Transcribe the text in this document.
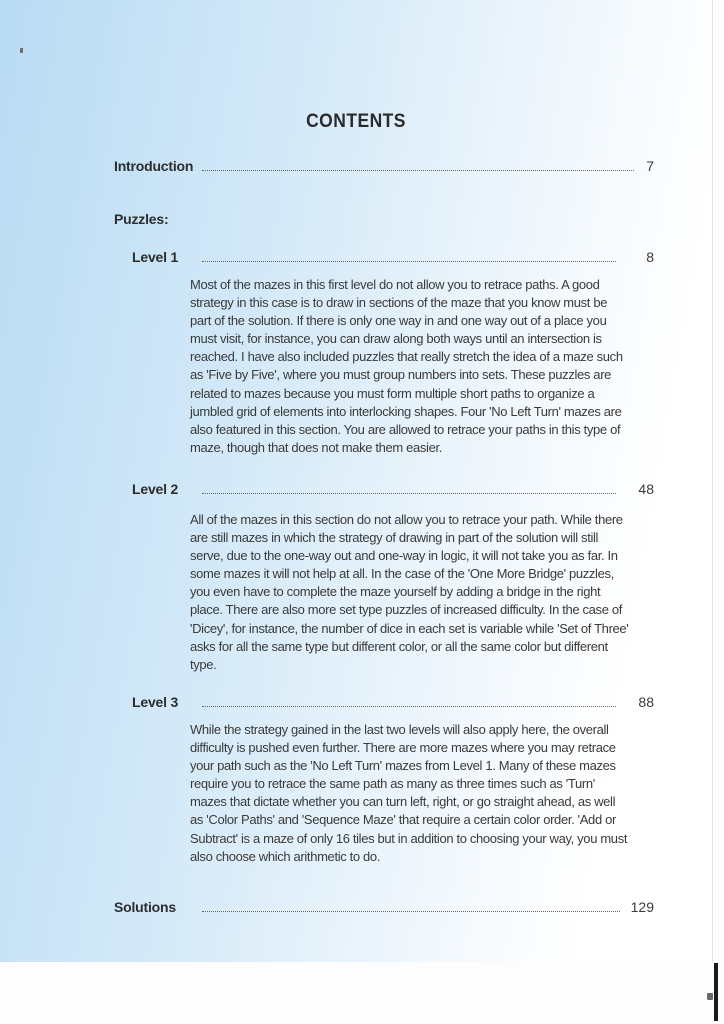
CONTENTS
Introduction	7
Puzzles:
Level 1	8

Most of the mazes in this first level do not allow you to retrace paths. A good strategy in this case is to draw in sections of the maze that you know must be part of the solution. If there is only one way in and one way out of a place you must visit, for instance, you can draw along both ways until an intersection is reached. I have also included puzzles that really stretch the idea of a maze such as 'Five by Five', where you must group numbers into sets. These puzzles are related to mazes because you must form multiple short paths to organize a jumbled grid of elements into interlocking shapes. Four 'No Left Turn' mazes are also featured in this section. You are allowed to retrace your paths in this type of maze, though that does not make them easier.

Level 2	48

All of the mazes in this section do not allow you to retrace your path. While there are still mazes in which the strategy of drawing in part of the solution will still serve, due to the one-way out and one-way in logic, it will not take you as far. In some mazes it will not help at all. In the case of the 'One More Bridge' puzzles, you even have to complete the maze yourself by adding a bridge in the right place. There are also more set type puzzles of increased difficulty. In the case of 'Dicey', for instance, the number of dice in each set is variable while 'Set of Three' asks for all the same type but different color, or all the same color but different type.

Level 3	88

While the strategy gained in the last two levels will also apply here, the overall difficulty is pushed even further. There are more mazes where you may retrace your path such as the 'No Left Turn' mazes from Level 1. Many of these mazes require you to retrace the same path as many as three times such as 'Turn' mazes that dictate whether you can turn left, right, or go straight ahead, as well as 'Color Paths' and 'Sequence Maze' that require a certain color order. 'Add or Subtract' is a maze of only 16 tiles but in addition to choosing your way, you must also choose which arithmetic to do.

Solutions	129
